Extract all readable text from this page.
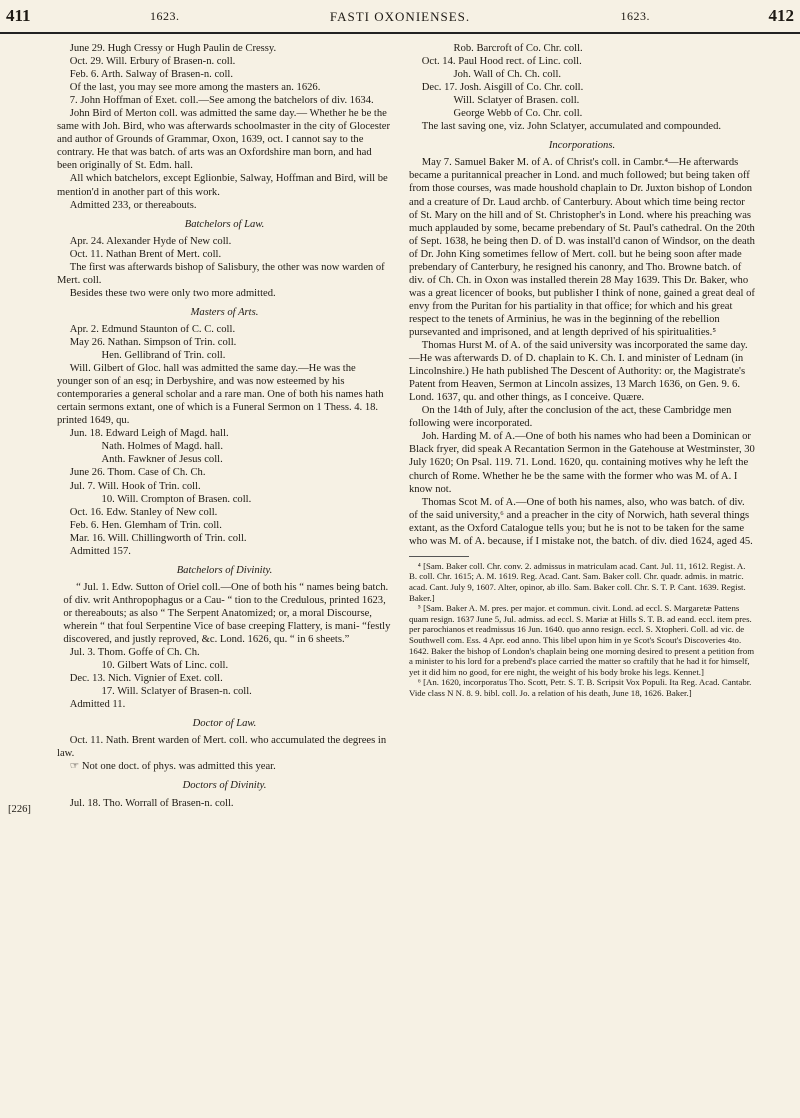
411	1623.	FASTI OXONIENSES.	1623.	412
[226]

June 29. Hugh Cressy or Hugh Paulin de Cressy.

Oct. 29. Will. Erbury of Brasen-n. coll.

Feb. 6. Arth. Salway of Brasen-n. coll.

Of the last, you may see more among the masters an. 1626.

7. John Hoffman of Exet. coll.—See among the batchelors of div. 1634.

John Bird of Merton coll. was admitted the same day.— Whether he be the same with Joh. Bird, who was afterwards schoolmaster in the city of Glocester and author of Grounds of Grammar, Oxon, 1639, oct. I cannot say to the contrary. He that was batch. of arts was an Oxfordshire man born, and had been originally of St. Edm. hall.

All which batchelors, except Eglionbie, Salway, Hoffman and Bird, will be mention'd in another part of this work.

Admitted 233, or thereabouts.

Batchelors of Law.

Apr. 24. Alexander Hyde of New coll.

Oct. 11. Nathan Brent of Mert. coll.

The first was afterwards bishop of Salisbury, the other was now warden of Mert. coll.

Besides these two were only two more admitted.

Masters of Arts.

Apr. 2. Edmund Staunton of C. C. coll.

May 26. Nathan. Simpson of Trin. coll.

Hen. Gellibrand of Trin. coll.

Will. Gilbert of Gloc. hall was admitted the same day.—He was the younger son of an esq; in Derbyshire, and was now esteemed by his contemporaries a general scholar and a rare man. One of both his names hath certain sermons extant, one of which is a Funeral Sermon on 1 Thess. 4. 18. printed 1649, qu.

Jun. 18. Edward Leigh of Magd. hall.

Nath. Holmes of Magd. hall.

Anth. Fawkner of Jesus coll.

June 26. Thom. Case of Ch. Ch.

Jul. 7. Will. Hook of Trin. coll.

10. Will. Crompton of Brasen. coll.

Oct. 16. Edw. Stanley of New coll.

Feb. 6. Hen. Glemham of Trin. coll.

Mar. 16. Will. Chillingworth of Trin. coll.

Admitted 157.

Batchelors of Divinity.

“ Jul. 1. Edw. Sutton of Oriel coll.—One of both his “ names being batch. of div. writ Anthropophagus or a Cau- “ tion to the Credulous, printed 1623, or thereabouts; as also “ The Serpent Anatomized; or, a moral Discourse, wherein “ that foul Serpentine Vice of base creeping Flattery, is mani- “festly discovered, and justly reproved, &c. Lond. 1626, qu. “ in 6 sheets.”

Jul. 3. Thom. Goffe of Ch. Ch.

10. Gilbert Wats of Linc. coll.

Dec. 13. Nich. Vignier of Exet. coll.

17. Will. Sclatyer of Brasen-n. coll.

Admitted 11.

Doctor of Law.

Oct. 11. Nath. Brent warden of Mert. coll. who accumulated the degrees in law.

☞ Not one doct. of phys. was admitted this year.

Doctors of Divinity.

Jul. 18. Tho. Worrall of Brasen-n. coll.

Rob. Barcroft of Co. Chr. coll.

Oct. 14. Paul Hood rect. of Linc. coll.

Joh. Wall of Ch. Ch. coll.

Dec. 17. Josh. Aisgill of Co. Chr. coll.

Will. Sclatyer of Brasen. coll.

George Webb of Co. Chr. coll.

The last saving one, viz. John Sclatyer, accumulated and compounded.

Incorporations.

May 7. Samuel Baker M. of A. of Christ's coll. in Cambr.⁴—He afterwards became a puritannical preacher in Lond. and much followed; but being taken off from those courses, was made houshold chaplain to Dr. Juxton bishop of London and a creature of Dr. Laud archb. of Canterbury. About which time being rector of St. Mary on the hill and of St. Christopher's in Lond. where his preaching was much applauded by some, became prebendary of St. Paul's cathedral. On the 20th of Sept. 1638, he being then D. of D. was install'd canon of Windsor, on the death of Dr. John King sometimes fellow of Mert. coll. but he being soon after made prebendary of Canterbury, he resigned his canonry, and Tho. Browne batch. of div. of Ch. Ch. in Oxon was installed therein 28 May 1639. This Dr. Baker, who was a great licencer of books, but publisher I think of none, gained a great deal of envy from the Puritan for his partiality in that office; for which and his great respect to the tenets of Arminius, he was in the beginning of the rebellion pursevanted and imprisoned, and at length deprived of his spiritualities.⁵

Thomas Hurst M. of A. of the said university was incorporated the same day.—He was afterwards D. of D. chaplain to K. Ch. I. and minister of Lednam (in Lincolnshire.) He hath published The Descent of Authority: or, the Magistrate's Patent from Heaven, Sermon at Lincoln assizes, 13 March 1636, on Gen. 9. 6. Lond. 1637, qu. and other things, as I conceive. Quære.

On the 14th of July, after the conclusion of the act, these Cambridge men following were incorporated.

Joh. Harding M. of A.—One of both his names who had been a Dominican or Black fryer, did speak A Recantation Sermon in the Gatehouse at Westminster, 30 July 1620; On Psal. 119. 71. Lond. 1620, qu. containing motives why he left the church of Rome. Whether he be the same with the former who was M. of A. I know not.

Thomas Scot M. of A.—One of both his names, also, who was batch. of div. of the said university,⁶ and a preacher in the city of Norwich, hath several things extant, as the Oxford Catalogue tells you; but he is not to be taken for the same who was M. of A. because, if I mistake not, the batch. of div. died 1624, aged 45.

⁴ [Sam. Baker coll. Chr. conv. 2. admissus in matriculam acad. Cant. Jul. 11, 1612. Regist. A. B. coll. Chr. 1615; A. M. 1619. Reg. Acad. Cant. Sam. Baker coll. Chr. quadr. admis. in matric. acad. Cant. July 9, 1607. Alter, opinor, ab illo. Sam. Baker coll. Chr. S. T. P. Cant. 1639. Regist. Baker.]

⁵ [Sam. Baker A. M. pres. per major. et commun. civit. Lond. ad eccl. S. Margaretæ Pattens quam resign. 1637 June 5, Jul. admiss. ad eccl. S. Mariæ at Hills S. T. B. ad eand. eccl. item pres. per parochianos et readmissus 16 Jun. 1640. quo anno resign. eccl. S. Xtopheri. Coll. ad vic. de Southwell com. Ess. 4 Apr. eod anno. This libel upon him in ye Scot's Scout's Discoveries 4to. 1642. Baker the bishop of London's chaplain being one morning desired to present a petition from a minister to his lord for a prebend's place carried the matter so craftily that he had it for himself, yet it did him no good, for ere night, the weight of his body broke his legs. Kennet.]

⁶ [An. 1620, incorporatus Tho. Scott, Petr. S. T. B. Scripsit Vox Populi. Ita Reg. Acad. Cantabr. Vide class N N. 8. 9. bibl. coll. Jo. a relation of his death, June 18, 1626. Baker.]
